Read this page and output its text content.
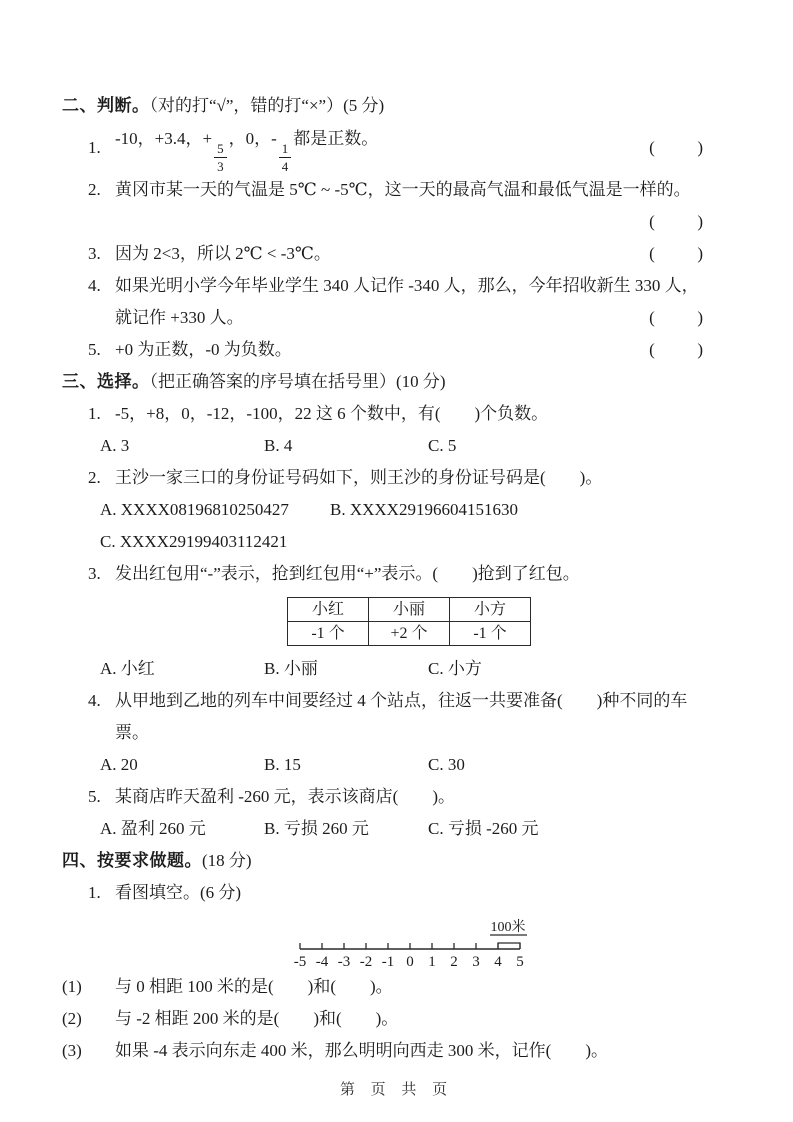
二、判断。（对的打“√”，错的打“×”）(5 分)
1. -10，+3.4，+
$\frac{5}{3}$
，0，-
$\frac{1}{4}$
都是正数。	(          )
2. 黄冈市某一天的气温是 5℃ ~ -5℃，这一天的最高气温和最低气温是一样的。
(          )
3. 因为 2<3，所以 2℃ < -3℃。	(          )
4. 如果光明小学今年毕业学生 340 人记作 -340 人，那么，今年招收新生 330 人，就记作 +330 人。	(          )
5. +0 为正数，-0 为负数。	(          )
三、选择。（把正确答案的序号填在括号里）(10 分)
1. -5，+8，0，-12，-100，22 这 6 个数中，有(        )个负数。
A. 3	B. 4	C. 5
2. 王沙一家三口的身份证号码如下，则王沙的身份证号码是(        )。
A. XXXX08196810250427	B. XXXX29196604151630
C. XXXX29199403112421
3. 发出红包用“-”表示，抢到红包用“+”表示。(        )抢到了红包。
小红	小丽	小方
-1 个	+2 个	-1 个
A. 小红	B. 小丽	C. 小方
4. 从甲地到乙地的列车中间要经过 4 个站点，往返一共要准备(        )种不同的车票。
A. 20	B. 15	C. 30
5. 某商店昨天盈利 -260 元，表示该商店(        )。
A. 盈利 260 元	B. 亏损 260 元	C. 亏损 -260 元
四、按要求做题。(18 分)
1. 看图填空。(6 分)
100米
-5 -4 -3 -2 -1 0 1 2 3 4 5
(1)	与 0 相距 100 米的是(        )和(        )。
(2)	与 -2 相距 200 米的是(        )和(        )。
(3)	如果 -4 表示向东走 400 米，那么明明向西走 300 米，记作(        )。
第 页 共 页
